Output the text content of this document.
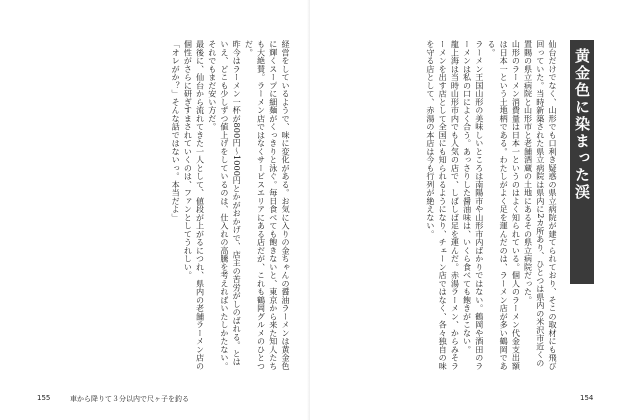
経営をしているようで、味に変化がある。お気に入りの金ちゃんの醤油ラーメンは黄金色に輝くスープに細麺がくっきりと泳ぐ。毎日食べても飽きないと、東京から来た知人たちも大絶賛。ラーメン店ではなくサービスエリアにある店だが、これも鶴岡グルメのひとつだ。

昨今はラーメン一杯が800円～1000円とかがおかげで、店主の苦労がしのばれる。とはいえ、どこも少しずつ値上げをしているのは、仕入れの高騰を考えればいたしかたない。それでもまだ安い方だ。

最後に、仙台から流れてきた一人として、値段が上がるにつれ、県内の老舗ラーメン店の個性がさらに研ぎすまされていくのは、ファンとしてうれしい。

「オレがか？」そんな話ではないっ。本当だよ」

155	車から降りて３分以内で尺ヶ子を釣る
黄金色に染まった渓

仙台だけでなく、山形でも口利き疑惑の県立病院が建てられており、そこの取材にも飛び回っていた。当時新築された県立病院は県内に2カ所あり、ひとつは県内の米沢市近くの置賜の県立病院と山形市と老舗酒蔵の土地にあるその県立病院だった。

山形のラーメン消費量は日本一というのはよく知られている。個人のラーメン代金支出額は日本一という土地柄である。わたしがよく足を運んだのは、ラーメン店が多い鶴岡である。

ラーメン王国山形の美味しいところは南陽市や山形市内ばかりではない。鶴岡や酒田のラーメンは私の口によく合う。あっさりした醤油味は、いくら食べても飽きがこない。

龍上海は当時山形市内でも人気の店で、しばしば足を運んだ。赤湯ラーメン、からみそラーメンを出す店として全国にも知られるようになり、チェーン店ではなく、各々独自の味を守る店として、赤湯の本店は今も行列が絶えない。

154
